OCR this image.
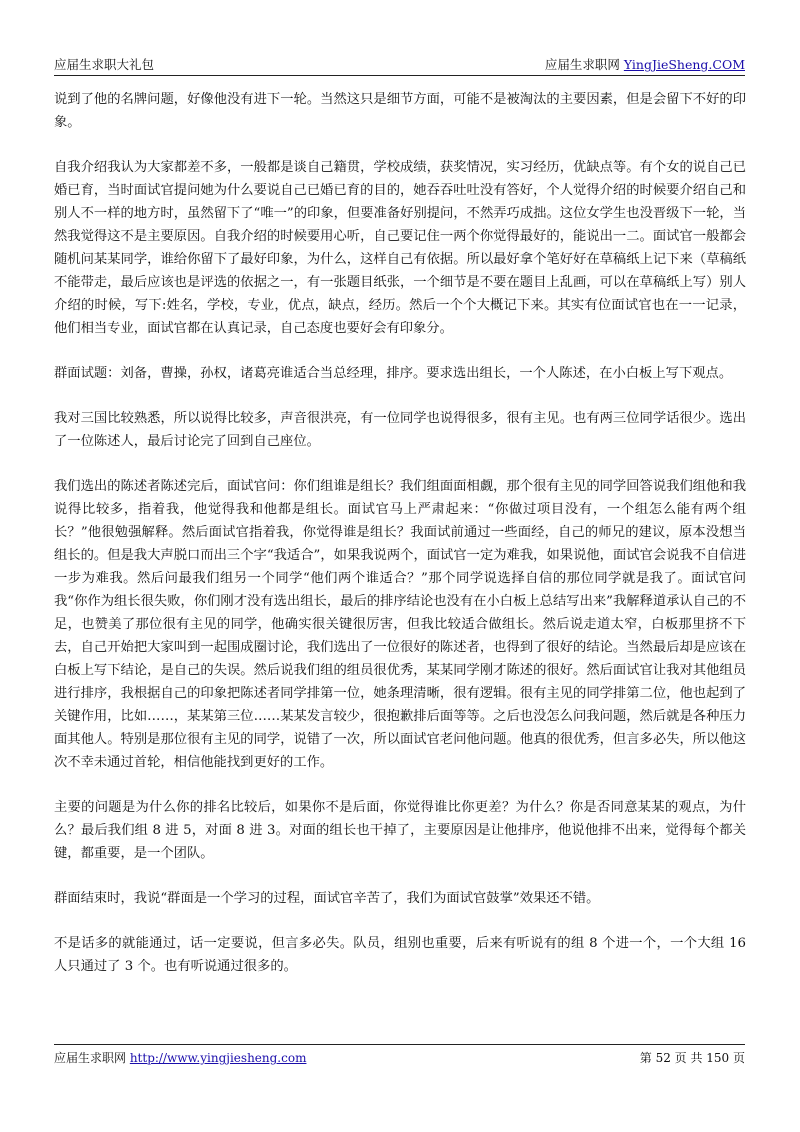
应届生求职大礼包	应届生求职网 YingJieSheng.COM

说到了他的名牌问题，好像他没有进下一轮。当然这只是细节方面，可能不是被淘汰的主要因素，但是会留下不好的印象。

自我介绍我认为大家都差不多，一般都是谈自己籍贯，学校成绩，获奖情况，实习经历，优缺点等。有个女的说自己已婚已育，当时面试官提问她为什么要说自己已婚已育的目的，她吞吞吐吐没有答好，个人觉得介绍的时候要介绍自己和别人不一样的地方时，虽然留下了“唯一”的印象，但要准备好别提问，不然弄巧成拙。这位女学生也没晋级下一轮，当然我觉得这不是主要原因。自我介绍的时候要用心听，自己要记住一两个你觉得最好的，能说出一二。面试官一般都会随机问某某同学，谁给你留下了最好印象，为什么，这样自己有依据。所以最好拿个笔好好在草稿纸上记下来（草稿纸不能带走，最后应该也是评选的依据之一，有一张题目纸张，一个细节是不要在题目上乱画，可以在草稿纸上写）别人介绍的时候，写下:姓名，学校，专业，优点，缺点，经历。然后一个个大概记下来。其实有位面试官也在一一记录，他们相当专业，面试官都在认真记录，自己态度也要好会有印象分。

群面试题：刘备，曹操，孙权，诸葛亮谁适合当总经理，排序。要求选出组长，一个人陈述，在小白板上写下观点。

我对三国比较熟悉，所以说得比较多，声音很洪亮，有一位同学也说得很多，很有主见。也有两三位同学话很少。选出了一位陈述人，最后讨论完了回到自己座位。

我们选出的陈述者陈述完后，面试官问：你们组谁是组长？我们组面面相觑，那个很有主见的同学回答说我们组他和我说得比较多，指着我，他觉得我和他都是组长。面试官马上严肃起来：“你做过项目没有，一个组怎么能有两个组长？”他很勉强解释。然后面试官指着我，你觉得谁是组长？我面试前通过一些面经，自己的师兄的建议，原本没想当组长的。但是我大声脱口而出三个字“我适合”，如果我说两个，面试官一定为难我，如果说他，面试官会说我不自信进一步为难我。然后问最我们组另一个同学“他们两个谁适合？”那个同学说选择自信的那位同学就是我了。面试官问我“你作为组长很失败，你们刚才没有选出组长，最后的排序结论也没有在小白板上总结写出来”我解释道承认自己的不足，也赞美了那位很有主见的同学，他确实很关键很厉害，但我比较适合做组长。然后说走道太窄，白板那里挤不下去，自己开始把大家叫到一起围成圈讨论，我们选出了一位很好的陈述者，也得到了很好的结论。当然最后却是应该在白板上写下结论，是自己的失误。然后说我们组的组员很优秀，某某同学刚才陈述的很好。然后面试官让我对其他组员进行排序，我根据自己的印象把陈述者同学排第一位，她条理清晰，很有逻辑。很有主见的同学排第二位，他也起到了关键作用，比如……，某某第三位……某某发言较少，很抱歉排后面等等。之后也没怎么问我问题，然后就是各种压力面其他人。特别是那位很有主见的同学，说错了一次，所以面试官老问他问题。他真的很优秀，但言多必失，所以他这次不幸未通过首轮，相信他能找到更好的工作。

主要的问题是为什么你的排名比较后，如果你不是后面，你觉得谁比你更差？为什么？你是否同意某某的观点，为什么？最后我们组 8 进 5，对面 8 进 3。对面的组长也干掉了，主要原因是让他排序，他说他排不出来，觉得每个都关键，都重要，是一个团队。

群面结束时，我说“群面是一个学习的过程，面试官辛苦了，我们为面试官鼓掌”效果还不错。

不是话多的就能通过，话一定要说，但言多必失。队员，组别也重要，后来有听说有的组 8 个进一个，一个大组 16 人只通过了 3 个。也有听说通过很多的。

应届生求职网 http://www.yingjiesheng.com	第 52 页 共 150 页
